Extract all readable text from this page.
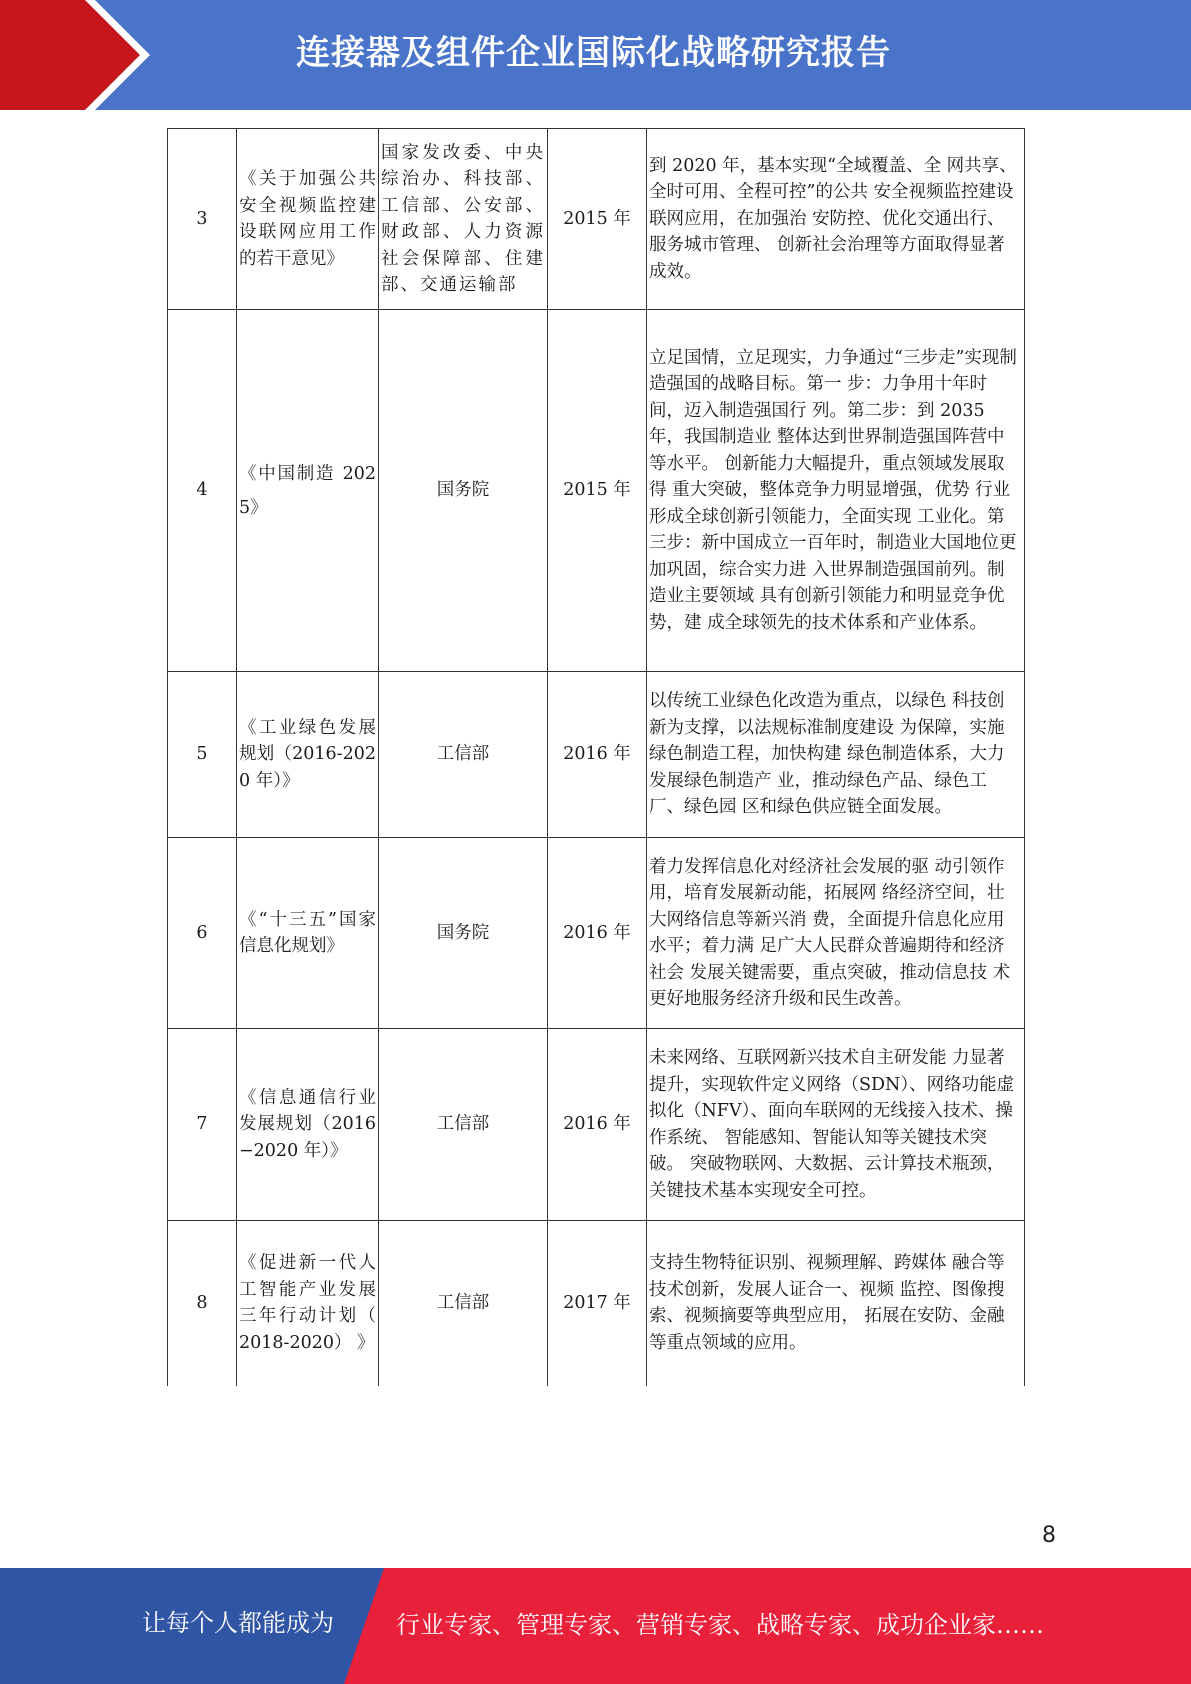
连接器及组件企业国际化战略研究报告
3	《关于加强公共安全视频监控建设联网应用工作的若干意见》	国家发改委、中央综治办、科技部、工信部、公安部、财政部、人力资源社会保障部、住建部、交通运输部	2015 年	到 2020 年，基本实现“全域覆盖、全 网共享、全时可用、全程可控”的公共 安全视频监控建设联网应用，在加强治 安防控、优化交通出行、服务城市管理、 创新社会治理等方面取得显著成效。
4	《中国制造 2025》	国务院	2015 年	立足国情，立足现实，力争通过“三步走”实现制造强国的战略目标。第一 步：力争用十年时间，迈入制造强国行 列。第二步：到 2035 年，我国制造业 整体达到世界制造强国阵营中等水平。 创新能力大幅提升，重点领域发展取得 重大突破，整体竞争力明显增强，优势 行业形成全球创新引领能力，全面实现 工业化。第三步：新中国成立一百年时，制造业大国地位更加巩固，综合实力进 入世界制造强国前列。制造业主要领域 具有创新引领能力和明显竞争优势，建 成全球领先的技术体系和产业体系。
5	《工业绿色发展规划（2016-2020 年）》	工信部	2016 年	以传统工业绿色化改造为重点，以绿色 科技创新为支撑，以法规标准制度建设 为保障，实施绿色制造工程，加快构建 绿色制造体系，大力发展绿色制造产 业，推动绿色产品、绿色工厂、绿色园 区和绿色供应链全面发展。
6	《“十三五”国家信息化规划》	国务院	2016 年	着力发挥信息化对经济社会发展的驱 动引领作用，培育发展新动能，拓展网 络经济空间，壮大网络信息等新兴消 费，全面提升信息化应用水平；着力满 足广大人民群众普遍期待和经济社会 发展关键需要，重点突破，推动信息技 术更好地服务经济升级和民生改善。
7	《信息通信行业发展规划（2016−2020 年）》	工信部	2016 年	未来网络、互联网新兴技术自主研发能 力显著提升，实现软件定义网络（SDN）、网络功能虚拟化（NFV）、面向车联网的无线接入技术、操作系统、 智能感知、智能认知等关键技术突破。 突破物联网、大数据、云计算技术瓶颈， 关键技术基本实现安全可控。
8	《促进新一代人工智能产业发展三年行动计划（ 2018-2020） 》	工信部	2017 年	支持生物特征识别、视频理解、跨媒体 融合等技术创新，发展人证合一、视频 监控、图像搜索、视频摘要等典型应用， 拓展在安防、金融等重点领域的应用。
8
让每个人都能成为	行业专家、管理专家、营销专家、战略专家、成功企业家……
